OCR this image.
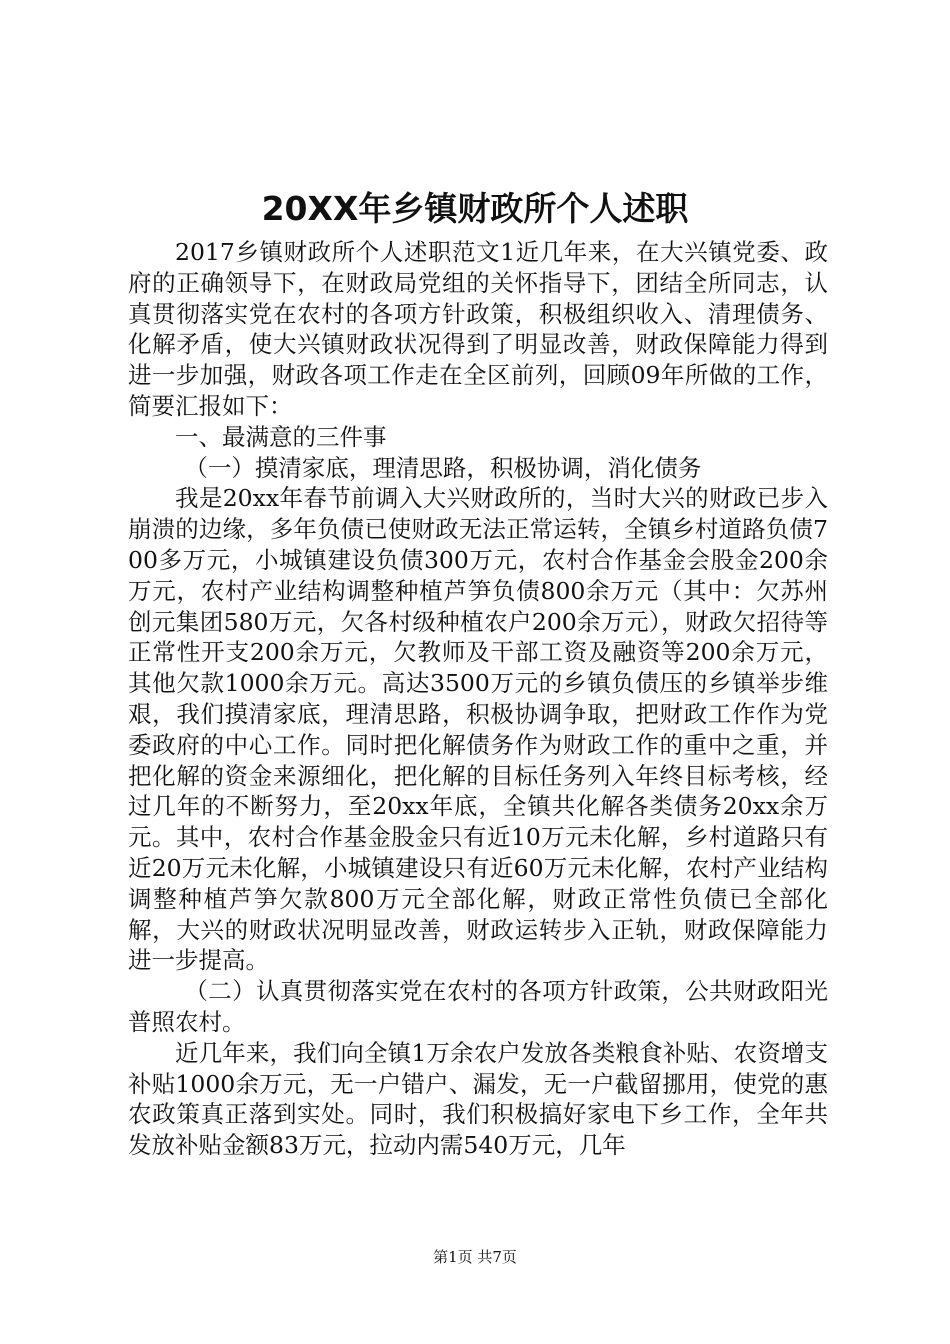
20XX年乡镇财政所个人述职

2017乡镇财政所个人述职范文1近几年来，在大兴镇党委、政府的正确领导下，在财政局党组的关怀指导下，团结全所同志，认真贯彻落实党在农村的各项方针政策，积极组织收入、清理债务、化解矛盾，使大兴镇财政状况得到了明显改善，财政保障能力得到进一步加强，财政各项工作走在全区前列，回顾09年所做的工作，简要汇报如下：

一、最满意的三件事

（一）摸清家底，理清思路，积极协调，消化债务

我是20xx年春节前调入大兴财政所的，当时大兴的财政已步入崩溃的边缘，多年负债已使财政无法正常运转，全镇乡村道路负债700多万元，小城镇建设负债300万元，农村合作基金会股金200余万元，农村产业结构调整种植芦笋负债800余万元（其中：欠苏州创元集团580万元，欠各村级种植农户200余万元），财政欠招待等正常性开支200余万元，欠教师及干部工资及融资等200余万元，其他欠款1000余万元。高达3500万元的乡镇负债压的乡镇举步维艰，我们摸清家底，理清思路，积极协调争取，把财政工作作为党委政府的中心工作。同时把化解债务作为财政工作的重中之重，并把化解的资金来源细化，把化解的目标任务列入年终目标考核，经过几年的不断努力，至20xx年底，全镇共化解各类债务20xx余万元。其中，农村合作基金股金只有近10万元未化解，乡村道路只有近20万元未化解，小城镇建设只有近60万元未化解，农村产业结构调整种植芦笋欠款800万元全部化解，财政正常性负债已全部化解，大兴的财政状况明显改善，财政运转步入正轨，财政保障能力进一步提高。

（二）认真贯彻落实党在农村的各项方针政策，公共财政阳光普照农村。

近几年来，我们向全镇1万余农户发放各类粮食补贴、农资增支补贴1000余万元，无一户错户、漏发，无一户截留挪用，使党的惠农政策真正落到实处。同时，我们积极搞好家电下乡工作，全年共发放补贴金额83万元，拉动内需540万元，几年

第1页 共7页
